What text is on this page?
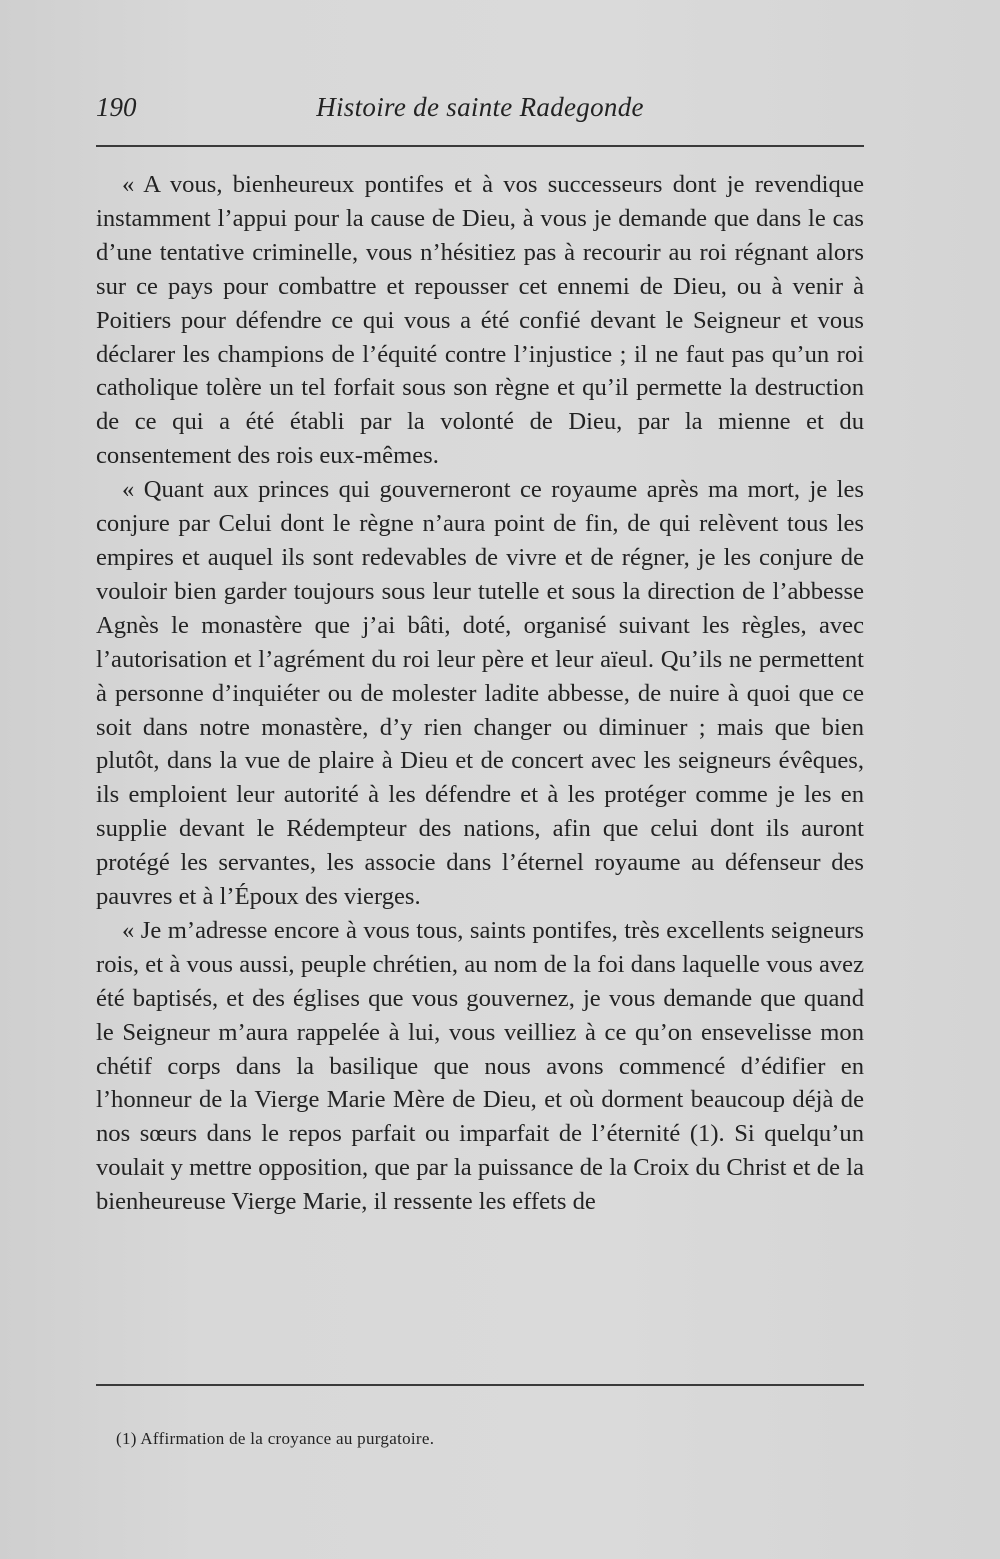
190	Histoire de sainte Radegonde

« A vous, bienheureux pontifes et à vos successeurs dont je revendique instamment l’appui pour la cause de Dieu, à vous je demande que dans le cas d’une tentative criminelle, vous n’hésitiez pas à recourir au roi régnant alors sur ce pays pour combattre et repousser cet ennemi de Dieu, ou à venir à Poitiers pour défendre ce qui vous a été confié devant le Seigneur et vous déclarer les champions de l’équité contre l’injustice ; il ne faut pas qu’un roi catholique tolère un tel forfait sous son règne et qu’il permette la destruction de ce qui a été établi par la volonté de Dieu, par la mienne et du consentement des rois eux-mêmes.

« Quant aux princes qui gouverneront ce royaume après ma mort, je les conjure par Celui dont le règne n’aura point de fin, de qui relèvent tous les empires et auquel ils sont redevables de vivre et de régner, je les conjure de vouloir bien garder toujours sous leur tutelle et sous la direction de l’abbesse Agnès le monastère que j’ai bâti, doté, organisé suivant les règles, avec l’autorisation et l’agrément du roi leur père et leur aïeul. Qu’ils ne permettent à personne d’inquiéter ou de molester ladite abbesse, de nuire à quoi que ce soit dans notre monastère, d’y rien changer ou diminuer ; mais que bien plutôt, dans la vue de plaire à Dieu et de concert avec les seigneurs évêques, ils emploient leur autorité à les défendre et à les protéger comme je les en supplie devant le Rédempteur des nations, afin que celui dont ils auront protégé les servantes, les associe dans l’éternel royaume au défenseur des pauvres et à l’Époux des vierges.

« Je m’adresse encore à vous tous, saints pontifes, très excellents seigneurs rois, et à vous aussi, peuple chrétien, au nom de la foi dans laquelle vous avez été baptisés, et des églises que vous gouvernez, je vous demande que quand le Seigneur m’aura rappelée à lui, vous veilliez à ce qu’on ensevelisse mon chétif corps dans la basilique que nous avons commencé d’édifier en l’honneur de la Vierge Marie Mère de Dieu, et où dorment beaucoup déjà de nos sœurs dans le repos parfait ou imparfait de l’éternité (1). Si quelqu’un voulait y mettre opposition, que par la puissance de la Croix du Christ et de la bienheureuse Vierge Marie, il ressente les effets de

(1) Affirmation de la croyance au purgatoire.
